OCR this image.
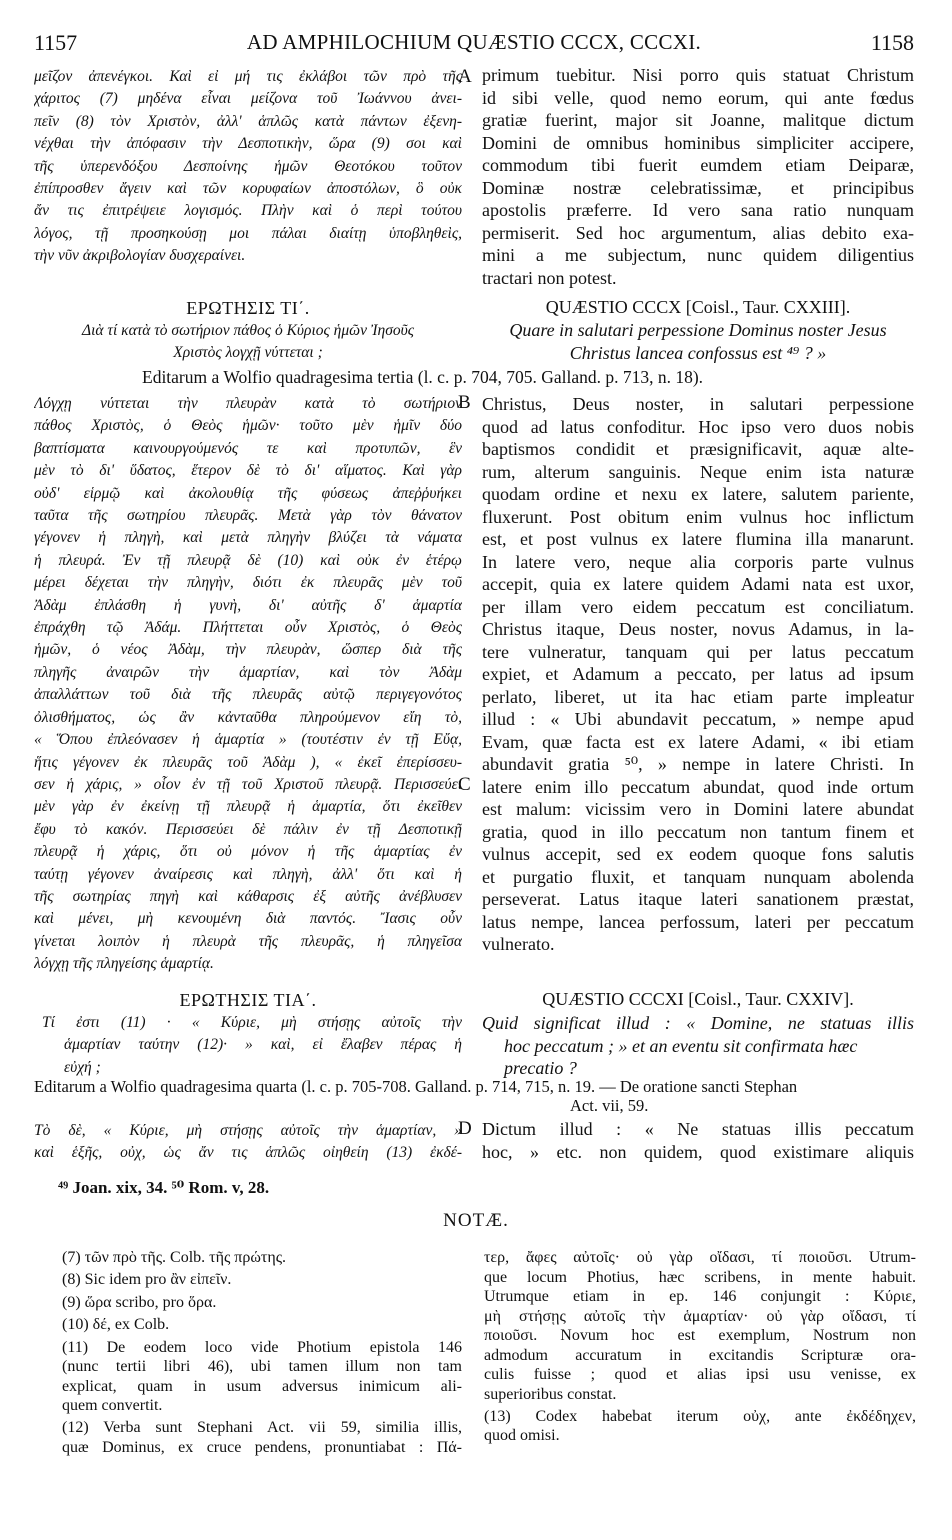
1157	AD AMPHILOCHIUM QUÆSTIO CCCX, CCCXI.	1158
A
B
C
D
μεῖζον ἀπενέγκοι. Καὶ εἰ μή τις ἐκλάβοι τῶν πρὸ τῆς
χάριτος (7) μηδένα εἶναι μείζονα τοῦ Ἰωάννου ἀνει-
πεῖν (8) τὸν Χριστὸν, ἀλλ' ἁπλῶς κατὰ πάντων ἐξενη-
νέχθαι τὴν ἀπόφασιν τὴν Δεσποτικὴν, ὥρα (9) σοι καὶ
τῆς ὑπερενδόξου Δεσποίνης ἡμῶν Θεοτόκου τοῦτον
ἐπίπροσθεν ἄγειν καὶ τῶν κορυφαίων ἀποστόλων, ὃ οὐκ
ἄν τις ἐπιτρέψειε λογισμός. Πλὴν καὶ ὁ περὶ τούτου
λόγος, τῇ προσηκούσῃ μοι πάλαι διαίτῃ ὑποβληθεὶς,
τὴν νῦν ἀκριβολογίαν δυσχεραίνει.
primum tuebitur. Nisi porro quis statuat Christum
id sibi velle, quod nemo eorum, qui ante fœdus
gratiæ fuerint, major sit Joanne, malitque dictum
Domini de omnibus hominibus simpliciter accipere,
commodum tibi fuerit eumdem etiam Deiparæ,
Dominæ nostræ celebratissimæ, et principibus
apostolis præferre. Id vero sana ratio nunquam
permiserit. Sed hoc argumentum, alias debito exa-
mini a me subjectum, nunc quidem diligentius
tractari non potest.
ΕΡΩΤΗΣΙΣ ΤΙ΄.
Διὰ τί κατὰ τὸ σωτήριον πάθος ὁ Κύριος ἡμῶν Ἰησοῦς
Χριστὸς λογχῇ νύττεται ;
QUÆSTIO CCCX [Coisl., Taur. CXXIII].
Quare in salutari perpessione Dominus noster Jesus
Christus lancea confossus est ⁴⁹ ? »
Editarum a Wolfio quadragesima tertia (l. c. p. 704, 705. Galland. p. 713, n. 18).
Λόγχῃ νύττεται τὴν πλευρὰν κατὰ τὸ σωτήριον
πάθος Χριστὸς, ὁ Θεὸς ἡμῶν· τοῦτο μὲν ἡμῖν δύο
βαπτίσματα καινουργούμενός τε καὶ προτυπῶν, ἓν
μὲν τὸ δι' ὕδατος, ἕτερον δὲ τὸ δι' αἵματος. Καὶ γὰρ
οὐδ' εἱρμῷ καὶ ἀκολουθίᾳ τῆς φύσεως ἀπεῤῥυήκει
ταῦτα τῆς σωτηρίου πλευρᾶς. Μετὰ γὰρ τὸν θάνατον
γέγονεν ἡ πληγὴ, καὶ μετὰ πληγὴν βλύζει τὰ νάματα
ἡ πλευρά. Ἐν τῇ πλευρᾷ δὲ (10) καὶ οὐκ ἐν ἑτέρῳ
μέρει δέχεται τὴν πληγὴν, διότι ἐκ πλευρᾶς μὲν τοῦ
Ἀδὰμ ἐπλάσθη ἡ γυνὴ, δι' αὐτῆς δ' ἁμαρτία
ἐπράχθη τῷ Ἀδάμ. Πλήττεται οὖν Χριστὸς, ὁ Θεὸς
ἡμῶν, ὁ νέος Ἀδὰμ, τὴν πλευρὰν, ὥσπερ διὰ τῆς
πληγῆς ἀναιρῶν τὴν ἁμαρτίαν, καὶ τὸν Ἀδὰμ
ἀπαλλάττων τοῦ διὰ τῆς πλευρᾶς αὐτῷ περιγεγονότος
ὀλισθήματος, ὡς ἂν κἀνταῦθα πληρούμενον εἴη τὸ,
« Ὅπου ἐπλεόνασεν ἡ ἁμαρτία » (τουτέστιν ἐν τῇ Εὔᾳ,
ἥτις γέγονεν ἐκ πλευρᾶς τοῦ Ἀδὰμ ), « ἐκεῖ ἐπερίσσευ-
σεν ἡ χάρις, » οἷον ἐν τῇ τοῦ Χριστοῦ πλευρᾷ. Περισσεύει
μὲν γὰρ ἐν ἐκείνῃ τῇ πλευρᾷ ἡ ἁμαρτία, ὅτι ἐκεῖθεν
ἔφυ τὸ κακόν. Περισσεύει δὲ πάλιν ἐν τῇ Δεσποτικῇ
πλευρᾷ ἡ χάρις, ὅτι οὐ μόνον ἡ τῆς ἁμαρτίας ἐν
ταύτῃ γέγονεν ἀναίρεσις καὶ πληγὴ, ἀλλ' ὅτι καὶ ἡ
τῆς σωτηρίας πηγὴ καὶ κάθαρσις ἐξ αὐτῆς ἀνέβλυσεν
καὶ μένει, μὴ κενουμένη διὰ παντός. Ἴασις οὖν
γίνεται λοιπὸν ἡ πλευρὰ τῆς πλευρᾶς, ἡ πληγεῖσα
λόγχῃ τῆς πληγείσης ἁμαρτίᾳ.
Christus, Deus noster, in salutari perpessione
quod ad latus confoditur. Hoc ipso vero duos nobis
baptismos condidit et præsignificavit, aquæ alte-
rum, alterum sanguinis. Neque enim ista naturæ
quodam ordine et nexu ex latere, salutem pariente,
fluxerunt. Post obitum enim vulnus hoc inflictum
est, et post vulnus ex latere flumina illa manarunt.
In latere vero, neque alia corporis parte vulnus
accepit, quia ex latere quidem Adami nata est uxor,
per illam vero eidem peccatum est conciliatum.
Christus itaque, Deus noster, novus Adamus, in la-
tere vulneratur, tanquam qui per latus peccatum
expiet, et Adamum a peccato, per latus ad ipsum
perlato, liberet, ut ita hac etiam parte impleatur
illud : « Ubi abundavit peccatum, » nempe apud
Evam, quæ facta est ex latere Adami, « ibi etiam
abundavit gratia ⁵⁰, » nempe in latere Christi. In
latere enim illo peccatum abundat, quod inde ortum
est malum: vicissim vero in Domini latere abundat
gratia, quod in illo peccatum non tantum finem et
vulnus accepit, sed ex eodem quoque fons salutis
et purgatio fluxit, et tanquam nunquam abolenda
perseverat. Latus itaque lateri sanationem præstat,
latus nempe, lancea perfossum, lateri per peccatum
vulnerato.
ΕΡΩΤΗΣΙΣ ΤΙΑ΄.
Τί ἐστι (11) · « Κύριε, μὴ στήσῃς αὐτοῖς τὴν
ἁμαρτίαν ταύτην (12)· » καὶ, εἰ ἔλαβεν πέρας ἡ
εὐχή ;
QUÆSTIO CCCXI [Coisl., Taur. CXXIV].
Quid significat illud : « Domine, ne statuas illis
hoc peccatum ; » et an eventu sit confirmata hæc
precatio ?
Editarum a Wolfio quadragesima quarta (l. c. p. 705-708. Galland. p. 714, 715, n. 19. — De oratione sancti Stephan
Act. vii, 59.
Τὸ δὲ, « Κύριε, μὴ στήσῃς αὐτοῖς τὴν ἁμαρτίαν, »
καὶ ἑξῆς, οὐχ, ὡς ἄν τις ἁπλῶς οἰηθείη (13) ἐκδέ-
Dictum illud : « Ne statuas illis peccatum
hoc, » etc. non quidem, quod existimare aliquis
⁴⁹ Joan. xix, 34. ⁵⁰ Rom. v, 28.
NOTÆ.
(7) τῶν πρὸ τῆς. Colb. τῆς πρώτης.
(8) Sic idem pro ἂν εἰπεῖν.
(9) ὥρα scribo, pro ὅρα.
(10) δέ, ex Colb.
(11) De eodem loco vide Photium epistola 146
(nunc tertii libri 46), ubi tamen illum non tam
explicat, quam in usum adversus inimicum ali-
quem convertit.
(12) Verba sunt Stephani Act. vii 59, similia illis,
quæ Dominus, ex cruce pendens, pronuntiabat : Πά-
τερ, ἄφες αὐτοῖς· οὐ γὰρ οἴδασι, τί ποιοῦσι. Utrum-
que locum Photius, hæc scribens, in mente habuit.
Utrumque etiam in ep. 146 conjungit : Κύριε,
μὴ στήσῃς αὐτοῖς τὴν ἁμαρτίαν· οὐ γὰρ οἴδασι, τί
ποιοῦσι. Novum hoc est exemplum, Nostrum non
admodum accuratum in excitandis Scripturæ ora-
culis fuisse ; quod et alias ipsi usu venisse, ex
superioribus constat.
(13) Codex habebat iterum οὐχ, ante ἐκδέδηχεν,
quod omisi.
